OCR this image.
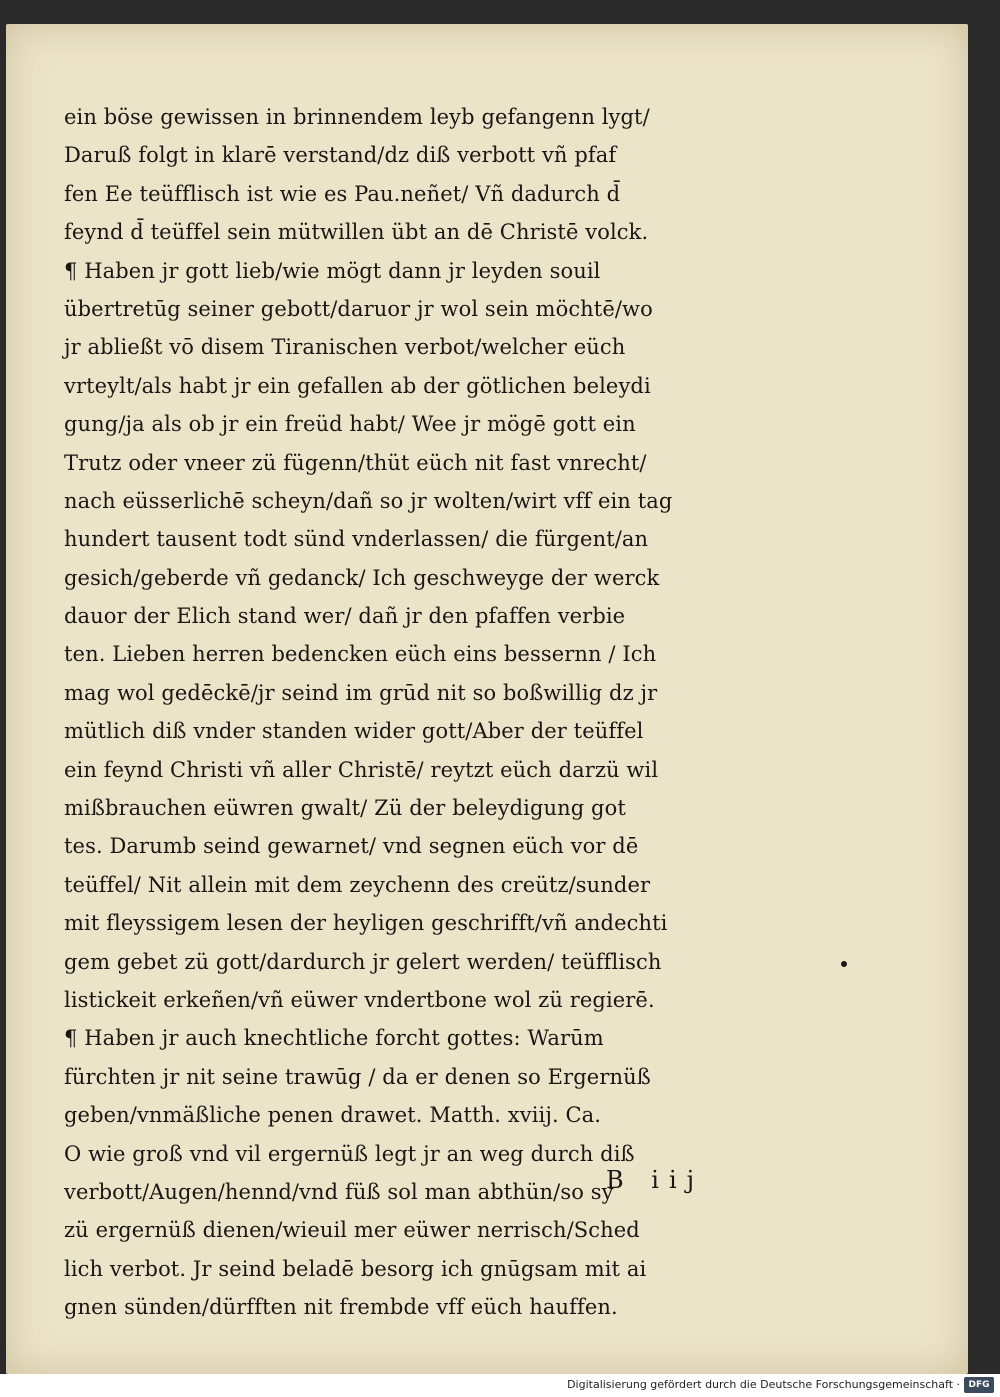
ein böse gewissen in brinnendem leyb gefangenn lygt/
Daruß folgt in klarē verstand/dz diß verbott vñ pfaf
fen Ee teüfflisch ist wie es Pau.neñet/ Vñ dadurch d̄
feynd d̄ teüffel sein mütwillen übt an dē Christē volck.
¶ Haben jr gott lieb/wie mögt dann jr leyden souil
übertretūg seiner gebott/daruor jr wol sein möchtē/wo
jr abließt vō disem Tiranischen verbot/welcher eüch
vrteylt/als habt jr ein gefallen ab der götlichen beleydi
gung/ja als ob jr ein freüd habt/ Wee jr mögē gott ein
Trutz oder vneer zü fügenn/thüt eüch nit fast vnrecht/
nach eüsserlichē scheyn/dañ so jr wolten/wirt vff ein tag
hundert tausent todt sünd vnderlassen/ die fürgent/an
gesich/geberde vñ gedanck/ Ich geschweyge der werck
dauor der Elich stand wer/ dañ jr den pfaffen verbie
ten. Lieben herren bedencken eüch eins bessernn / Ich
mag wol gedēckē/jr seind im grūd nit so boßwillig dz jr
mütlich diß vnder standen wider gott/Aber der teüffel
ein feynd Christi vñ aller Christē/ reytzt eüch darzü wil
mißbrauchen eüwren gwalt/ Zü der beleydigung got
tes. Darumb seind gewarnet/ vnd segnen eüch vor dē
teüffel/ Nit allein mit dem zeychenn des creütz/sunder
mit fleyssigem lesen der heyligen geschrifft/vñ andechti
gem gebet zü gott/dardurch jr gelert werden/ teüfflisch
listickeit erkeñen/vñ eüwer vndertbone wol zü regierē.
¶ Haben jr auch knechtliche forcht gottes: Warūm
fürchten jr nit seine trawūg / da er denen so Ergernüß
geben/vnmäßliche penen drawet. Matth. xviij. Ca.
O wie groß vnd vil ergernüß legt jr an weg durch diß
verbott/Augen/hennd/vnd füß sol man abthün/so sy
zü ergernüß dienen/wieuil mer eüwer nerrisch/Sched
lich verbot. Jr seind beladē besorg ich gnūgsam mit ai
gnen sünden/dürfften nit frembde vff eüch hauffen.
B iij
Digitalisierung gefördert durch die Deutsche Forschungsgemeinschaft · DFG
